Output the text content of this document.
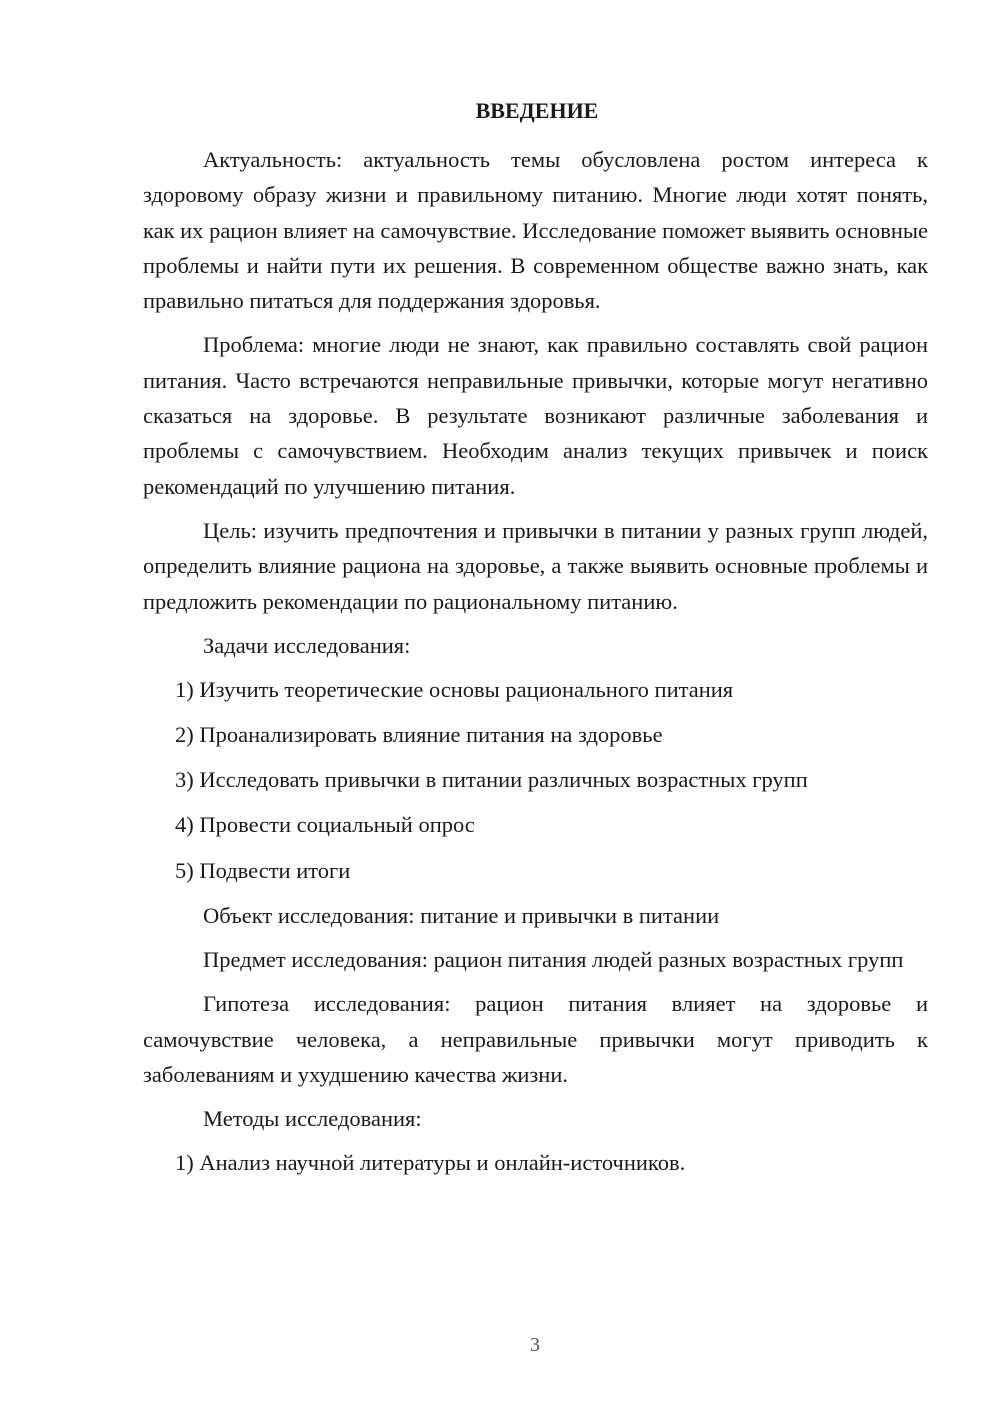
ВВЕДЕНИЕ

Актуальность: актуальность темы обусловлена ростом интереса к здоровому образу жизни и правильному питанию. Многие люди хотят понять, как их рацион влияет на самочувствие. Исследование поможет выявить основные проблемы и найти пути их решения. В современном обществе важно знать, как правильно питаться для поддержания здоровья.

Проблема: многие люди не знают, как правильно составлять свой рацион питания. Часто встречаются неправильные привычки, которые могут негативно сказаться на здоровье. В результате возникают различные заболевания и проблемы с самочувствием. Необходим анализ текущих привычек и поиск рекомендаций по улучшению питания.

Цель: изучить предпочтения и привычки в питании у разных групп людей, определить влияние рациона на здоровье, а также выявить основные проблемы и предложить рекомендации по рациональному питанию.

Задачи исследования:

1) Изучить теоретические основы рационального питания
2) Проанализировать влияние питания на здоровье
3) Исследовать привычки в питании различных возрастных групп
4) Провести социальный опрос
5) Подвести итоги

Объект исследования: питание и привычки в питании

Предмет исследования: рацион питания людей разных возрастных групп

Гипотеза исследования: рацион питания влияет на здоровье и самочувствие человека, а неправильные привычки могут приводить к заболеваниям и ухудшению качества жизни.

Методы исследования:

1) Анализ научной литературы и онлайн-источников.
3
